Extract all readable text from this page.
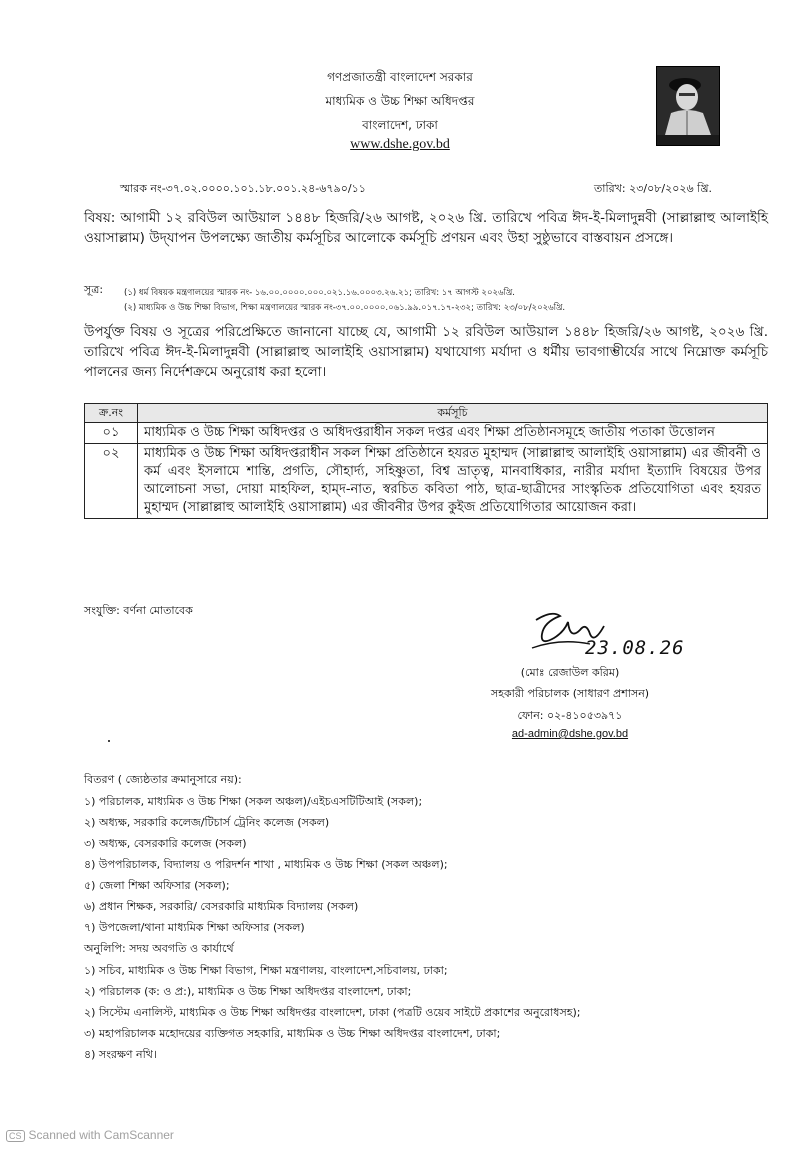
গণপ্রজাতন্ত্রী বাংলাদেশ সরকার
মাধ্যমিক ও উচ্চ শিক্ষা অধিদপ্তর
বাংলাদেশ, ঢাকা
www.dshe.gov.bd
স্মারক নং-৩৭.০২.০০০০.১০১.১৮.০০১.২৪-৬৭৯০/১১	তারিখ: ২৩/০৮/২০২৬ খ্রি.
বিষয়: আগামী ১২ রবিউল আউয়াল ১৪৪৮ হিজরি/২৬ আগষ্ট, ২০২৬ খ্রি. তারিখে পবিত্র ঈদ-ই-মিলাদুন্নবী (সাল্লাল্লাহু আলাইহি ওয়াসাল্লাম) উদ্‌যাপন উপলক্ষ্যে জাতীয় কর্মসূচির আলোকে কর্মসূচি প্রণয়ন এবং উহা সুষ্ঠুভাবে বাস্তবায়ন প্রসঙ্গে।
সূত্র:	(১) ধর্ম বিষয়ক মন্ত্রণালয়ের স্মারক নং- ১৬.০০.০০০০.০০০.০২১.১৬.০০০৩.২৬.২১; তারিখ: ১৭ আগস্ট ২০২৬খ্রি.
(২) মাধ্যমিক ও উচ্চ শিক্ষা বিভাগ, শিক্ষা মন্ত্রণালয়ের স্মারক নং-৩৭.০০.০০০০.০৬১.৯৯.০১৭.১৭-২৩২; তারিখ: ২৩/০৮/২০২৬খ্রি.
উপর্যুক্ত বিষয় ও সূত্রের পরিপ্রেক্ষিতে জানানো যাচ্ছে যে, আগামী ১২ রবিউল আউয়াল ১৪৪৮ হিজরি/২৬ আগষ্ট, ২০২৬ খ্রি. তারিখে পবিত্র ঈদ-ই-মিলাদুন্নবী (সাল্লাল্লাহু আলাইহি ওয়াসাল্লাম) যথাযোগ্য মর্যাদা ও ধর্মীয় ভাবগাম্ভীর্যের সাথে নিম্নোক্ত কর্মসূচি পালনের জন্য নির্দেশক্রমে অনুরোধ করা হলো।
ক্র.নং	কর্মসূচি
০১	মাধ্যমিক ও উচ্চ শিক্ষা অধিদপ্তর ও অধিদপ্তরাধীন সকল দপ্তর এবং শিক্ষা প্রতিষ্ঠানসমূহে জাতীয় পতাকা উত্তোলন
০২	মাধ্যমিক ও উচ্চ শিক্ষা অধিদপ্তরাধীন সকল শিক্ষা প্রতিষ্ঠানে হযরত মুহাম্মদ (সাল্লাল্লাহু আলাইহি ওয়াসাল্লাম) এর জীবনী ও কর্ম এবং ইসলামে শান্তি, প্রগতি, সৌহার্দ্য, সহিষ্ণুতা, বিশ্ব ভ্রাতৃত্ব, মানবাধিকার, নারীর মর্যাদা ইত্যাদি বিষয়ের উপর আলোচনা সভা, দোয়া মাহফিল, হাম্‌দ-নাত, স্বরচিত কবিতা পাঠ, ছাত্র-ছাত্রীদের সাংস্কৃতিক প্রতিযোগিতা এবং হযরত মুহাম্মদ (সাল্লাল্লাহু আলাইহি ওয়াসাল্লাম) এর জীবনীর উপর কুইজ প্রতিযোগিতার আয়োজন করা।
সংযুক্তি: বর্ণনা মোতাবেক
23.08.26
(মোঃ রেজাউল করিম)
সহকারী পরিচালক (সাধারণ প্রশাসন)
ফোন: ০২-৪১০৫৩৯৭১
ad-admin@dshe.gov.bd
বিতরণ ( জ্যেষ্ঠতার ক্রমানুসারে নয়):
১) পরিচালক, মাধ্যমিক ও উচ্চ শিক্ষা (সকল অঞ্চল)/এইচএসটিটিআই (সকল);
২) অধ্যক্ষ, সরকারি কলেজ/টিচার্স ট্রেনিং কলেজ (সকল)
৩) অধ্যক্ষ, বেসরকারি কলেজ (সকল)
৪) উপপরিচালক, বিদ্যালয় ও পরিদর্শন শাখা , মাধ্যমিক ও উচ্চ শিক্ষা (সকল অঞ্চল);
৫) জেলা শিক্ষা অফিসার (সকল);
৬) প্রধান শিক্ষক, সরকারি/ বেসরকারি মাধ্যমিক বিদ্যালয় (সকল)
৭) উপজেলা/থানা মাধ্যমিক শিক্ষা অফিসার (সকল)
অনুলিপি: সদয় অবগতি ও কার্যার্থে
১) সচিব, মাধ্যমিক ও উচ্চ শিক্ষা বিভাগ, শিক্ষা মন্ত্রণালয়, বাংলাদেশ,সচিবালয়, ঢাকা;
২) পরিচালক (ক: ও প্র:), মাধ্যমিক ও উচ্চ শিক্ষা অধিদপ্তর বাংলাদেশ, ঢাকা;
২) সিস্টেম এনালিস্ট, মাধ্যমিক ও উচ্চ শিক্ষা অধিদপ্তর বাংলাদেশ, ঢাকা (পত্রটি ওয়েব সাইটে প্রকাশের অনুরোধসহ);
৩) মহাপরিচালক মহোদয়ের ব্যক্তিগত সহকারি, মাধ্যমিক ও উচ্চ শিক্ষা অধিদপ্তর বাংলাদেশ, ঢাকা;
৪) সংরক্ষণ নথি।
CS Scanned with CamScanner
